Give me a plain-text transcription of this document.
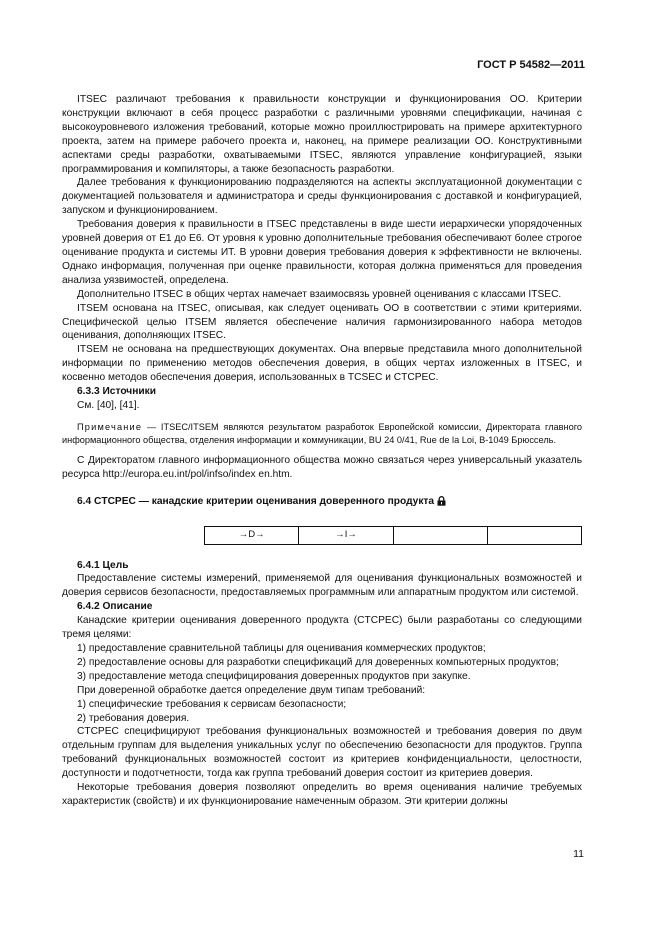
ГОСТ Р 54582—2011

ITSEC различают требования к правильности конструкции и функционирования ОО. Критерии конструкции включают в себя процесс разработки с различными уровнями спецификации, начиная с высокоуровневого изложения требований, которые можно проиллюстрировать на примере архитектурного проекта, затем на примере рабочего проекта и, наконец, на примере реализации ОО. Конструктивными аспектами среды разработки, охватываемыми ITSEC, являются управление конфигурацией, языки программирования и компиляторы, а также безопасность разработки.

Далее требования к функционированию подразделяются на аспекты эксплуатационной документации с документацией пользователя и администратора и среды функционирования с доставкой и конфигурацией, запуском и функционированием.

Требования доверия к правильности в ITSEC представлены в виде шести иерархически упорядоченных уровней доверия от E1 до E6. От уровня к уровню дополнительные требования обеспечивают более строгое оценивание продукта и системы ИТ. В уровни доверия требования доверия к эффективности не включены. Однако информация, полученная при оценке правильности, которая должна применяться для проведения анализа уязвимостей, определена.

Дополнительно ITSEC в общих чертах намечает взаимосвязь уровней оценивания с классами ITSEC.

ITSEM основана на ITSEC, описывая, как следует оценивать ОО в соответствии с этими критериями. Специфической целью ITSEM является обеспечение наличия гармонизированного набора методов оценивания, дополняющих ITSEC.

ITSEM не основана на предшествующих документах. Она впервые представила много дополнительной информации по применению методов обеспечения доверия, в общих чертах изложенных в ITSEC, и косвенно методов обеспечения доверия, использованных в TCSEC и CTCPEC.

6.3.3 Источники

См. [40], [41].

Примечание — ITSEC/ITSEM являются результатом разработок Европейской комиссии, Директората главного информационного общества, отделения информации и коммуникации, BU 24 0/41, Rue de la Loi, B-1049 Брюссель.

С Директоратом главного информационного общества можно связаться через универсальный указатель ресурса http://europa.eu.int/pol/infso/index en.htm.

6.4 CTCPEC — канадские критерии оценивания доверенного продукта
→D→	→I→		
6.4.1 Цель

Предоставление системы измерений, применяемой для оценивания функциональных возможностей и доверия сервисов безопасности, предоставляемых программным или аппаратным продуктом или системой.

6.4.2 Описание

Канадские критерии оценивания доверенного продукта (CTCPEC) были разработаны со следующими тремя целями:

1) предоставление сравнительной таблицы для оценивания коммерческих продуктов;

2) предоставление основы для разработки спецификаций для доверенных компьютерных продуктов;

3) предоставление метода специфицирования доверенных продуктов при закупке.

При доверенной обработке дается определение двум типам требований:

1) специфические требования к сервисам безопасности;

2) требования доверия.

CTCPEC специфицируют требования функциональных возможностей и требования доверия по двум отдельным группам для выделения уникальных услуг по обеспечению безопасности для продуктов. Группа требований функциональных возможностей состоит из критериев конфиденциальности, целостности, доступности и подотчетности, тогда как группа требований доверия состоит из критериев доверия.

Некоторые требования доверия позволяют определить во время оценивания наличие требуемых характеристик (свойств) и их функционирование намеченным образом. Эти критерии должны

11
